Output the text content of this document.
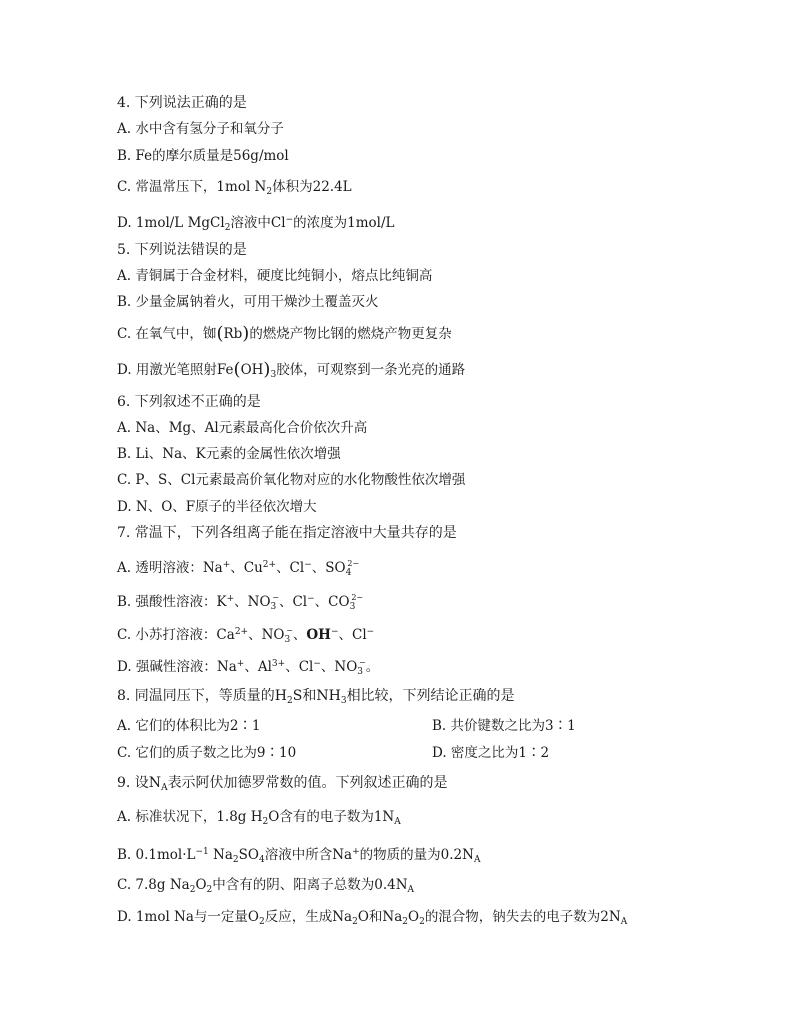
4. 下列说法正确的是
A. 水中含有氢分子和氧分子
B. Fe的摩尔质量是56g/mol
C. 常温常压下，1mol $N_2$体积为22.4L
D. 1mol/L MgCl$_2$溶液中Cl−的浓度为1mol/L
5. 下列说法错误的是
A. 青铜属于合金材料，硬度比纯铜小，熔点比纯铜高
B. 少量金属钠着火，可用干燥沙土覆盖灭火
C. 在氧气中，铷(Rb)的燃烧产物比钢的燃烧产物更复杂
D. 用激光笔照射$Fe(OH)_3$胶体，可观察到一条光亮的通路
6. 下列叙述不正确的是
A. Na、Mg、Al元素最高化合价依次升高
B. Li、Na、K元素的金属性依次增强
C. P、S、Cl元素最高价氧化物对应的水化物酸性依次增强
D. N、O、F原子的半径依次增大
7. 常温下，下列各组离子能在指定溶液中大量共存的是
A. 透明溶液：Na+、$Cu^{2+}$、Cl−、$SO_4^{2-}$
B. 强酸性溶液：K+、$NO_3^-$、Cl−、$CO_3^{2-}$
C. 小苏打溶液：$Ca^{2+}$、$NO_3^-$、OH−、Cl−
D. 强碱性溶液：Na+、$Al^{3+}$、Cl−、$NO_3^-$。
8. 同温同压下，等质量的$H_2S$和$NH_3$相比较，下列结论正确的是
A. 它们的体积比为2∶1	B. 共价键数之比为3∶1
C. 它们的质子数之比为9∶10	D. 密度之比为1∶2
9. 设$N_A$表示阿伏加德罗常数的值。下列叙述正确的是
A. 标准状况下，1.8g $H_2O$含有的电子数为$1N_A$
B. $0.1mol\cdot L^{-1}$ $Na_2SO_4$溶液中所含Na+的物质的量为$0.2N_A$
C. 7.8g $Na_2O_2$中含有的阴、阳离子总数为$0.4N_A$
D. 1mol Na与一定量$O_2$反应，生成$Na_2O$和$Na_2O_2$的混合物，钠失去的电子数为$2N_A$
